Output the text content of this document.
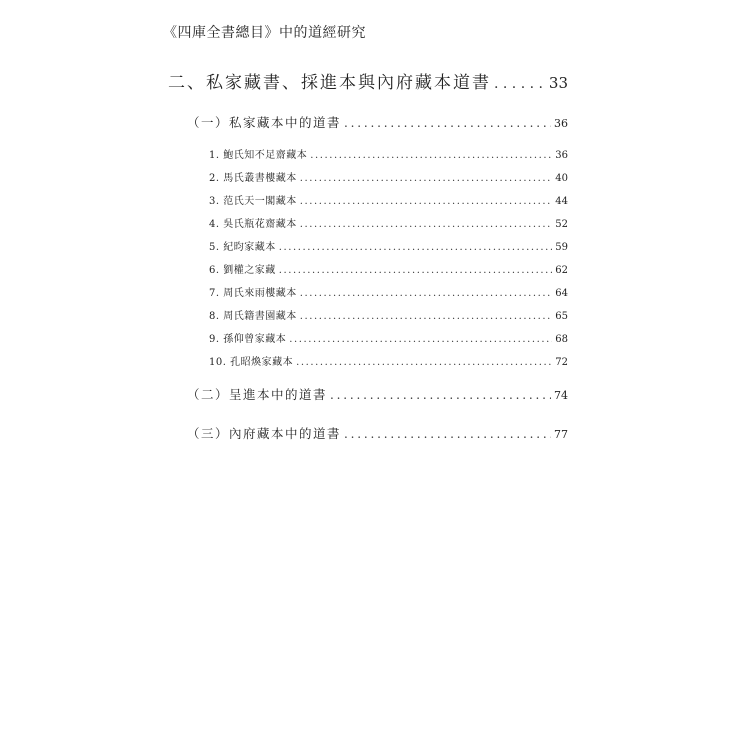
《四庫全書總目》中的道經研究
二、私家藏書、採進本與內府藏本道書 . . .	33
（一）私家藏本中的道書 . . .	36
1. 鮑氏知不足齋藏本 . . .	36
2. 馬氏叢書樓藏本 . . .	40
3. 范氏天一閣藏本 . . .	44
4. 吳氏瓶花齋藏本 . . .	52
5. 紀昀家藏本 . . .	59
6. 劉權之家藏 . . .	62
7. 周氏來雨樓藏本 . . .	64
8. 周氏籍書園藏本 . . .	65
9. 孫仰曾家藏本 . . .	68
10. 孔昭煥家藏本 . . .	72
（二）呈進本中的道書 . . .	74
（三）內府藏本中的道書 . . .	77
